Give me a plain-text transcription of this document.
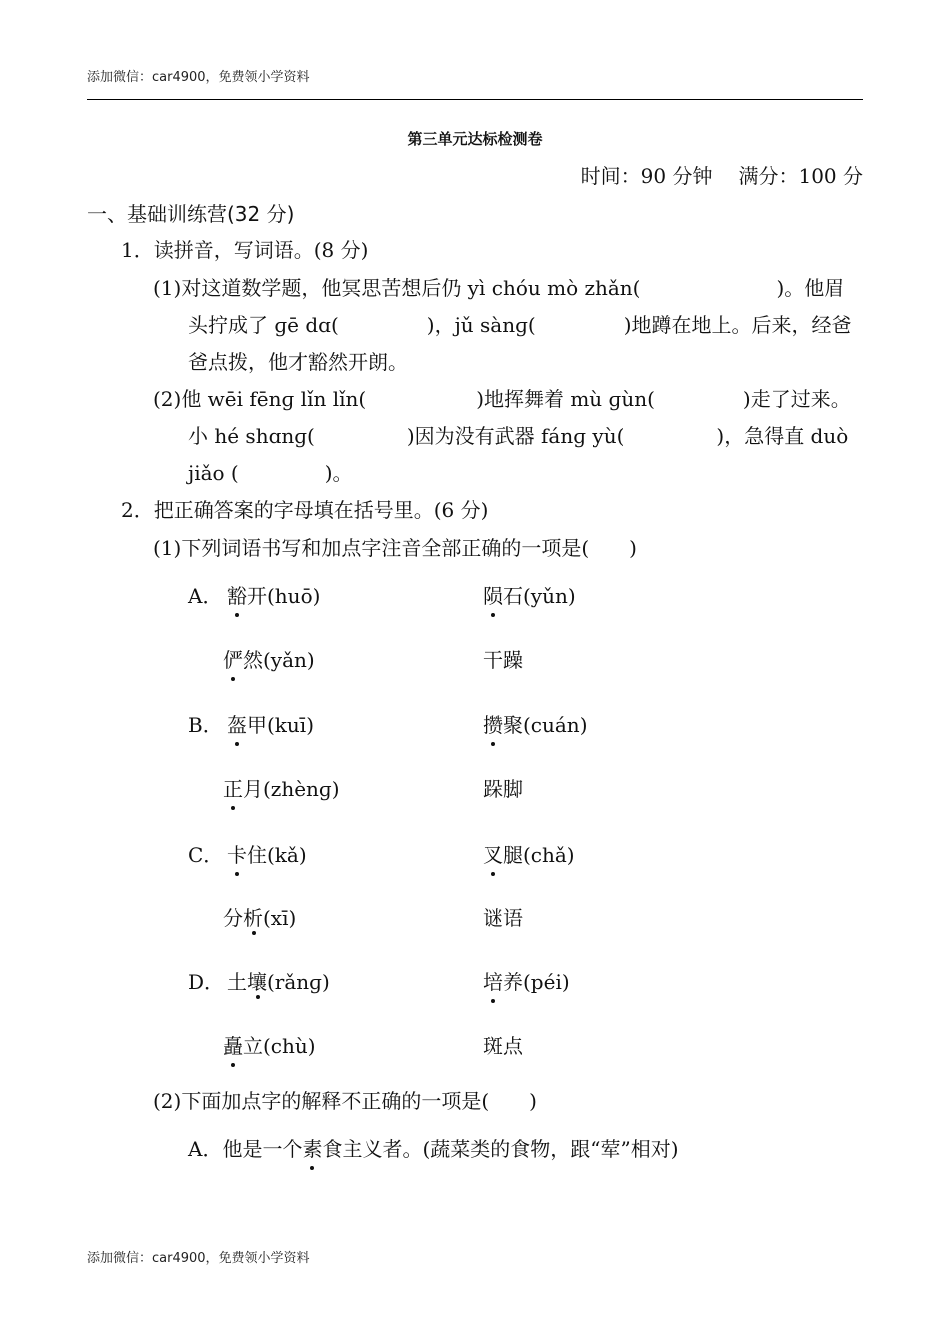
添加微信：car4900，免费领小学资料
第三单元达标检测卷
时间：90 分钟 满分：100 分
一、基础训练营(32 分)
1．读拼音，写词语。(8 分)
(1)对这道数学题，他冥思苦想后仍 yì chóu mò zhǎn(	)。他眉
头拧成了 ɡē dɑ(	)，jǔ sànɡ(	)地蹲在地上。后来，经爸
爸点拨，他才豁然开朗。
(2)他 wēi fēnɡ lǐn lǐn(	)地挥舞着 mù ɡùn(	)走了过来。
小 hé shɑnɡ(	)因为没有武器 fánɡ yù(	)，急得直 duò
jiǎo (	)。
2．把正确答案的字母填在括号里。(6 分)
(1)下列词语书写和加点字注音全部正确的一项是(　　)
A． 豁开(huō)	陨石(yǔn)
俨然(yǎn)	干躁
B． 盔甲(kuī)	攒聚(cuán)
正月(zhènɡ)	跺脚
C． 卡住(kǎ)	叉腿(chǎ)
分析(xī)	谜语
D． 土壤(rǎnɡ)	培养(péi)
矗立(chù)	斑点
(2)下面加点字的解释不正确的一项是(　　)
A．他是一个素食主义者。(蔬菜类的食物，跟“荤”相对)
添加微信：car4900，免费领小学资料
